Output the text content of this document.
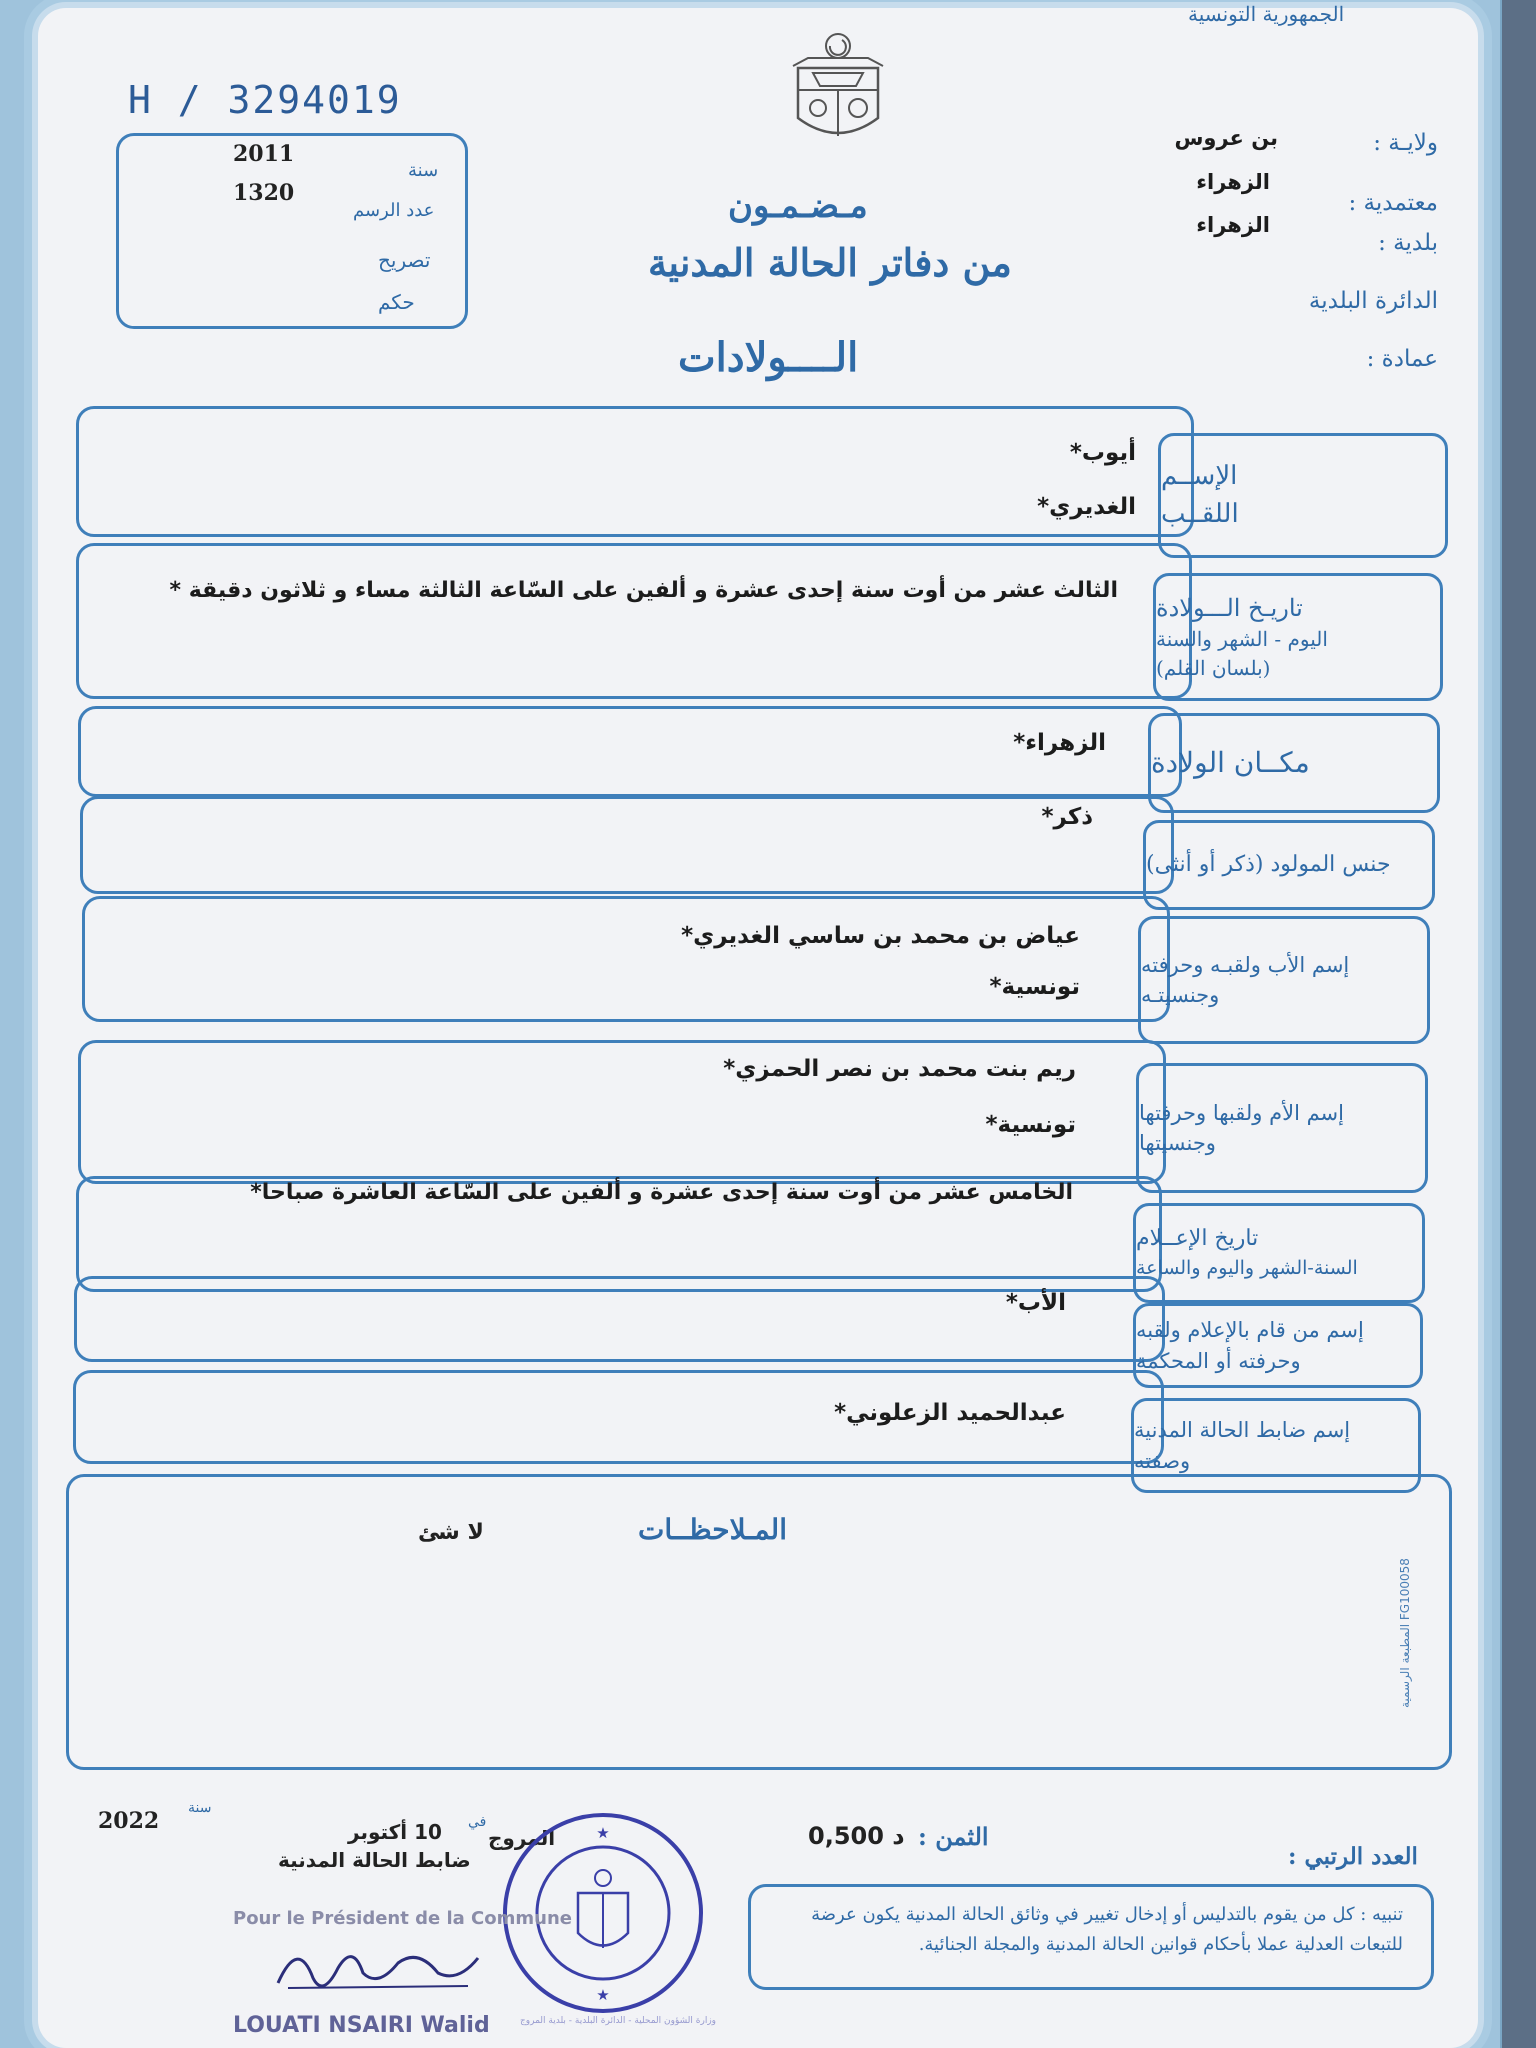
الجمهورية التونسية
H / 3294019
2011
سنة
1320
عدد الرسم
تصريح
حكم
مـضـمـون
من دفاتر الحالة المدنية
الــــولادات
ولايـة :
بن عروس
الزهراء
معتمدية :
الزهراء
بلدية :
الدائرة البلدية
عمادة :
الإســم
اللقــب
أيوب*
الغديري*
تاريـخ الـــولادة
اليوم - الشهر والسنة
(بلسان القلم)
الثالث عشر من أوت سنة إحدى عشرة و ألفين على السّاعة الثالثة مساء و ثلاثون دقيقة *
مكــان الولادة
الزهراء*
جنس المولود (ذكر أو أنثى)
ذكر*
إسم الأب ولقبـه وحرفته
وجنسيتـه
عياض بن محمد بن ساسي الغديري*
تونسية*
إسم الأم ولقبها وحرفتها
وجنسيتها
ريم بنت محمد بن نصر الحمزي*
تونسية*
تاريخ الإعــلام
السنة-الشهر واليوم والساعة
الخامس عشر من أوت سنة إحدى عشرة و ألفين على السّاعة العاشرة صباحا*
إسم من قام بالإعلام ولقبه
وحرفته أو المحكمة
الأب*
إسم ضابط الحالة المدنية
وصفته
عبدالحميد الزعلوني*
المـلاحظــات
لا شئ
المطبعة الرسمية FG100058
2022 سنة
10 أكتوبر في
المروج
ضابط الحالة المدنية
0,500 د الثمن :
العدد الرتبي :
تنبيه : كل من يقوم بالتدليس أو إدخال تغيير في وثائق الحالة المدنية يكون عرضة للتبعات العدلية عملا بأحكام قوانين الحالة المدنية والمجلة الجنائية.
★
★
وزارة الشؤون المحلية - الدائرة البلدية - بلدية المروج
Pour le Président de la Commune
LOUATI NSAIRI Walid
